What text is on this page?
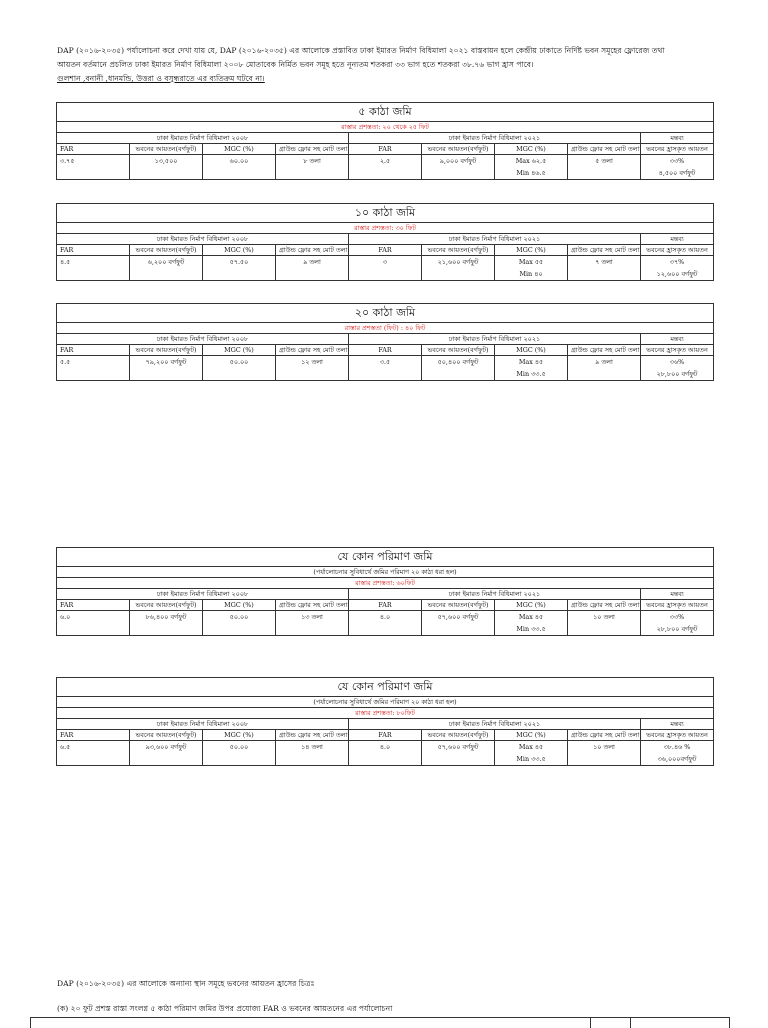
DAP (২০১৬-২০৩৫) পর্যালোচনা করে দেখা যায় যে, DAP (২০১৬-২০৩৫) এর আলোকে প্রস্তাবিত ঢাকা ইমারত নির্মাণ বিধিমালা ২০২১ বাস্তবায়ন হলে কেন্দ্রীয় ঢাকাতে নির্দিষ্ট ভবন সমূহের ফ্লোরেজ তথা

আয়তন বর্তমানে প্রচলিত ঢাকা ইমারত নির্মাণ বিধিমালা ২০০৮ মোতাবেক নির্মিত ভবন সমূহ হতে নূন্যতম শতকরা ৩৩ ভাগ হতে শতকরা ৩৮.৭৬ ভাগ হ্রাস পাবে।

গুলশান ,বনানী ,ধানমন্ডি, উত্তরা ও বসুন্ধরাতে এর ব্যতিক্রম ঘটবে না।

৫ কাঠা জমি								
রাস্তার প্রশস্ততা: ২০ থেকে ২৫ ফিট								
ঢাকা ইমারত নির্মাণ বিধিমালা ২০০৮				ঢাকা ইমারত নির্মাণ বিধিমালা ২০২১				মন্তব্য
FAR	ভবনের আয়তন(বর্গফুট)	MGC (%)	গ্রাউন্ড ফ্লোর সহ মোট তলা	FAR	ভবনের আয়তন(বর্গফুট)	MGC (%)	গ্রাউন্ড ফ্লোর সহ মোট তলা	ভবনের হ্রাসকৃত আয়তন
৩.৭৫	১৩,৫০০	৬০.০০	৮ তলা	২.৫	৯,০০০ বর্গফুট	Max ৬২.৫	৫ তলা	৩৩%
						Min ৪৬.৫		৪,৫০০ বর্গফুট
১০ কাঠা জমি								
রাস্তার প্রশস্ততা: ৩০ ফিট								
ঢাকা ইমারত নির্মাণ বিধিমালা ২০০৮				ঢাকা ইমারত নির্মাণ বিধিমালা ২০২১				মন্তব্য
FAR	ভবনের আয়তন(বর্গফুট)	MGC (%)	গ্রাউন্ড ফ্লোর সহ মোট তলা	FAR	ভবনের আয়তন(বর্গফুট)	MGC (%)	গ্রাউন্ড ফ্লোর সহ মোট তলা	ভবনের হ্রাসকৃত আয়তন
৪.৫	৬,২০০ বর্গফুট	৫৭.৫০	৯ তলা	৩	২১,৬০০ বর্গফুট	Max ৫৫	৭ তলা	৩৭%
						Min ৪০		১২,৬০০ বর্গফুট
২০ কাঠা জমি								
রাস্তার প্রশস্ততা (ফিট) : ৪০ ফিট								
ঢাকা ইমারত নির্মাণ বিধিমালা ২০০৮				ঢাকা ইমারত নির্মাণ বিধিমালা ২০২১				মন্তব্য
FAR	ভবনের আয়তন(বর্গফুট)	MGC (%)	গ্রাউন্ড ফ্লোর সহ মোট তলা	FAR	ভবনের আয়তন(বর্গফুট)	MGC (%)	গ্রাউন্ড ফ্লোর সহ মোট তলা	ভবনের হ্রাসকৃত আয়তন
৫.৫	৭৯,২০০ বর্গফুট	৫০.০০	১২ তলা	৩.৫	৫০,৪০০ বর্গফুট	Max ৪৫	৯ তলা	৩৬%
						Min ৩৩.৫		২৮,৮০০ বর্গফুট
যে কোন পরিমাণ জমি								
(পর্যালোচনার সুবিধার্থে জমির পরিমাণ ২০ কাঠা ধরা হল)								
রাস্তার প্রশস্ততা: ৬০ফিট								
ঢাকা ইমারত নির্মাণ বিধিমালা ২০০৮				ঢাকা ইমারত নির্মাণ বিধিমালা ২০২১				মন্তব্য
FAR	ভবনের আয়তন(বর্গফুট)	MGC (%)	গ্রাউন্ড ফ্লোর সহ মোট তলা	FAR	ভবনের আয়তন(বর্গফুট)	MGC (%)	গ্রাউন্ড ফ্লোর সহ মোট তলা	ভবনের হ্রাসকৃত আয়তন
৬.০	৮৬,৪০০ বর্গফুট	৫০.০০	১৩ তলা	৪.০	৫৭,৬০০ বর্গফুট	Max ৪৫	১০ তলা	৩৩%
						Min ৩৩.৫		২৮,৮০০ বর্গফুট
যে কোন পরিমাণ জমি								
(পর্যালোচনার সুবিধার্থে জমির পরিমাণ ২০ কাঠা ধরা হল)								
রাস্তার প্রশস্ততা: ৮০ফিট								
ঢাকা ইমারত নির্মাণ বিধিমালা ২০০৮				ঢাকা ইমারত নির্মাণ বিধিমালা ২০২১				মন্তব্য
FAR	ভবনের আয়তন(বর্গফুট)	MGC (%)	গ্রাউন্ড ফ্লোর সহ মোট তলা	FAR	ভবনের আয়তন(বর্গফুট)	MGC (%)	গ্রাউন্ড ফ্লোর সহ মোট তলা	ভবনের হ্রাসকৃত আয়তন
৬.৫	৯৩,৬০০ বর্গফুট	৫০.০০	১৪ তলা	৪.০	৫৭,৬০০ বর্গফুট	Max ৪৫	১০ তলা	৩৮.৪৬ %
						Min ৩৩.৫		৩৬,০০০বর্গফুট
DAP (২০১৬-২০৩৫) এর আলোকে অন্যান্য স্থান সমূহে ভবনের আয়তন হ্রাসের চিত্রঃ
(ক) ২০ ফুট প্রশস্ত রাস্তা সংলগ্ন ৫ কাঠা পরিমাণ জমির উপর প্রযোজ্য FAR ও ভবনের আয়তনের এর পর্যালোচনা
